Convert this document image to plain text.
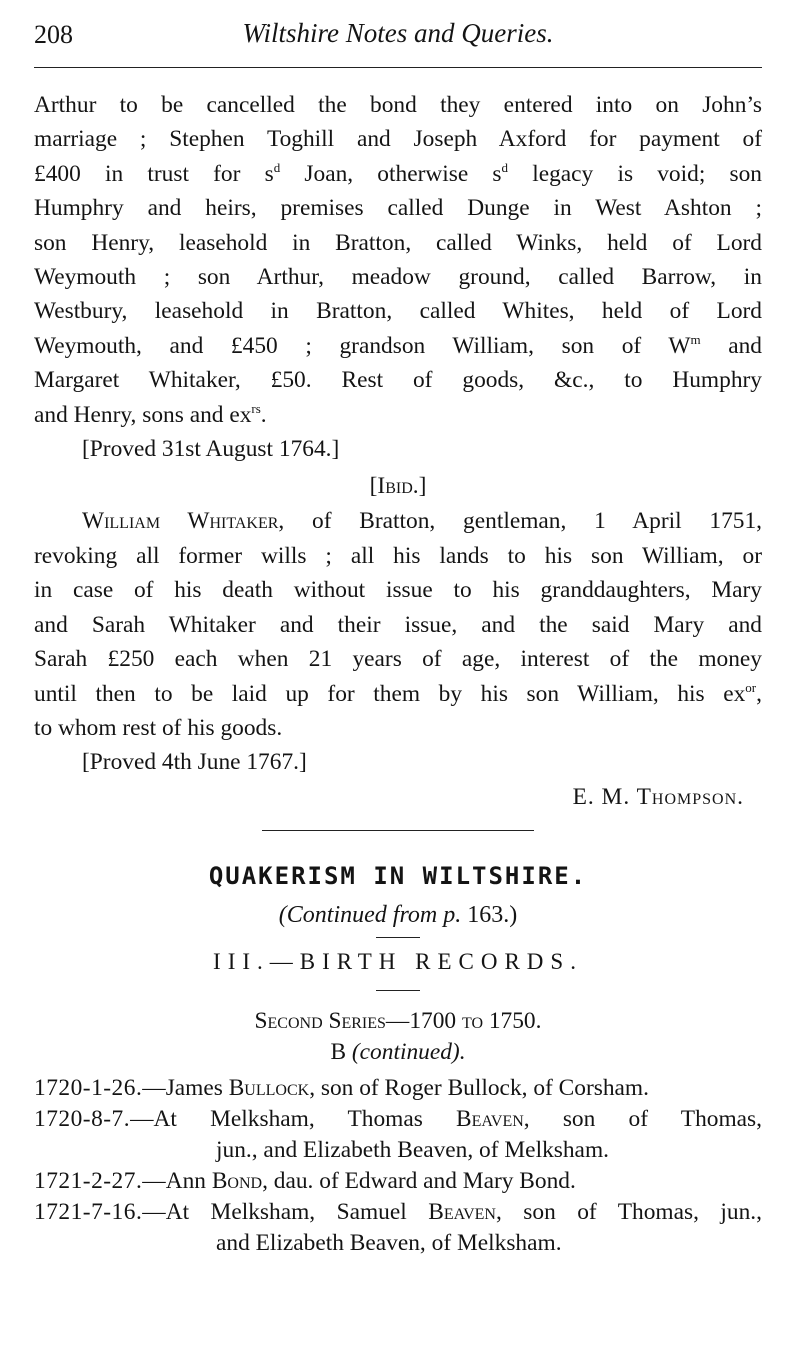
208	Wiltshire Notes and Queries.

Arthur to be cancelled the bond they entered into on John’s

marriage ; Stephen Toghill and Joseph Axford for payment of

£400 in trust for $s^d$ Joan, otherwise $s^d$ legacy is void; son

Humphry and heirs, premises called Dunge in West Ashton ;

son Henry, leasehold in Bratton, called Winks, held of Lord

Weymouth ; son Arthur, meadow ground, called Barrow, in

Westbury, leasehold in Bratton, called Whites, held of Lord

Weymouth, and £450 ; grandson William, son of $W^m$ and

Margaret Whitaker, £50. Rest of goods, &c., to Humphry

and Henry, sons and $ex^{rs}$.

[Proved 31st August 1764.]

[Ibid.]

William Whitaker, of Bratton, gentleman, 1 April 1751,

revoking all former wills ; all his lands to his son William, or

in case of his death without issue to his granddaughters, Mary

and Sarah Whitaker and their issue, and the said Mary and

Sarah £250 each when 21 years of age, interest of the money

until then to be laid up for them by his son William, his $ex^{or}$,

to whom rest of his goods.

[Proved 4th June 1767.]

E. M. Thompson.

QUAKERISM IN WILTSHIRE.

(Continued from p. 163.)

III.—BIRTH RECORDS.

Second Series—1700 to 1750.

B (continued).

1720-1-26.—James Bullock, son of Roger Bullock, of Corsham.

1720-8-7.—At Melksham, Thomas Beaven, son of Thomas,

jun., and Elizabeth Beaven, of Melksham.

1721-2-27.—Ann Bond, dau. of Edward and Mary Bond.

1721-7-16.—At Melksham, Samuel Beaven, son of Thomas, jun.,

and Elizabeth Beaven, of Melksham.
